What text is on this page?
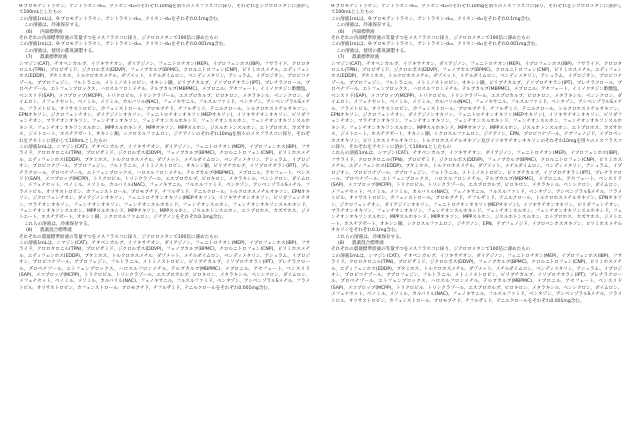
9-プロモアントラセン、アントラセン-d₁₀、クリセン-d₁₂のそれぞれ10mgを別々のメスフラスコに採り、それぞれをジクロロメタンに溶かして100mLとしたもの

この溶液1mLは、9-ブロモアントラセン、アントラセン-d₁₀、クリセン-d₁₂をそれぞれ0.1mg含む。

この溶液は、冷凍保存する。

(6) 内部標準液

それぞれの内部標準原液の等量ずつをメスフラスコに採り、ジクロロメタンで100倍に薄めたもの

この溶液1mLは、9-ブロモアントラセン、アントラセン-d₁₀、クリセン-d₁₂をそれぞれ0.001mg含む。

この溶液は、使用の都度調製する。

(7) 農薬標準原液

シマジン(CAT)、チオベンカルブ、イソキサチオン、ダイアジノン、フェニトロチオン(MEP)、イプロフェンホス(IBP)、フサライド、クロロタロニル(TPN)、プロピザミド、ジクロルボス(DDVP)、フェノブカルブ(BPMC)、クロルニトロフェン(CNP)、ピリミホスメチル、エディフェンホス(EDDP)、ブタミホス、トルクロホスメチル、ダゾメット、メチルダイムロン、ペンディメタリン、アシュラム、イプロジオン、プロピコナゾール、ブプロフェジン、フルトラニル、メトミノストロビン、オキシン銅、ピリブチカルブ、イソプロチオラン(IPT)、プレチラクロール、プロベナゾール、エトフェンプロックス、ハロスルフロンメチル、テルブカルブ(MBPMC)、メプロニル、アセフェート、イミノクタジン酢酸塩、ベンスリド(SAP)、メコプロップ(MCPP)、トリクロピル、トリシクラゾール、エスプロカルブ、ピロキロン、メタラキシル、ペンシクロン、ダイムロン、メフェナセット、ベノミル、メソミル、カルバリル(NAC)、フェノキサニル、フルスルファミド、ベンタゾン、アシベンゾラルSメチル、フラメトピル、オリサストロビン、カフェンストロール、ブロモブチド、チフルザミド、テニルクロール、トルクロホスメチルオキソン、EPNオキソン、ジクロフェンチオン、ダイアジノンオキソン、フェニトロチオンオキソン(MEPオキソン)、イソキサチオンオキソン、ピリダフェンチオン、マラチオンオキソン、フェンチオンオキソン、フェンチオンスルホキシド、フェンチオンスルホン、フェンチオンオキソンスルホキシド、フェンチオンオキソンスルホン、MPPスルホキシド、MPPオキソン、MPPスルホン、ジスルホトンスルホン、エトプロホス、カズサホス、ジメトエート、ホスチアゼート、オキシン銅、シクロスルファムロン、ジチアノンのそれぞれ10mgを別々のメスフラスコに採り、それぞれをアセトンに溶かして100mLとしたもの

この溶液1mLは、シマジン(CAT)、チオベンカルブ、イソキサチオン、ダイアジノン、フェニトロチオン(MEP)、イプロフェンホス(IBP)、フサライド、クロロタロニル(TPN)、プロピザミド、ジクロルボス(DDVP)、フェノブカルブ(BPMC)、クロルニトロフェン(CNP)、ピリミホスメチル、エディフェンホス(EDDP)、ブタミホス、トルクロホスメチル、ダゾメット、メチルダイムロン、ペンディメタリン、アシュラム、イプロジオン、プロピコナゾール、ブプロフェジン、フルトラニル、メトミノストロビン、オキシン銅、ピリブチカルブ、イソプロチオラン(IPT)、プレチラクロール、プロベナゾール、エトフェンプロックス、ハロスルフロンメチル、テルブカルブ(MBPMC)、メプロニル、アセフェート、ベンスリド(SAP)、メコプロップ(MCPP)、トリクロピル、トリシクラゾール、エスプロカルブ、ピロキロン、メタラキシル、ペンシクロン、ダイムロン、メフェナセット、ベノミル、メソミル、カルバリル(NAC)、フェノキサニル、フルスルファミド、ベンタゾン、アシベンゾラルSメチル、フラメトピル、オリサストロビン、カフェンストロール、ブロモブチド、チフルザミド、テニルクロール、トルクロホスメチルオキソン、EPNオキソン、ジクロフェンチオン、ダイアジノンオキソン、フェニトロチオンオキソン(MEPオキソン)、イソキサチオンオキソン、ピリダフェンチオン、マラチオンオキソン、フェンチオンオキソン、フェンチオンスルホキシド、フェンチオンスルホン、フェンチオンオキソンスルホキシド、フェンチオンオキソンスルホン、MPPスルホキシド、MPPオキソン、MPPスルホン、ジスルホトンスルホン、エトプロホス、カズサホス、ジメトエート、ホスチアゼート、オキシン銅、シクロスルファムロン、ジチアノンをそれぞれ0.1mg含む。

これらの溶液は、冷凍保存する。

(8) 農薬混合標準液

それぞれの農薬標準原液の等量ずつをメスフラスコに採り、ジクロロメタンで100倍に薄めたもの

この溶液1mLは、シマジン(CAT)、チオベンカルブ、イソキサチオン、ダイアジノン、フェニトロチオン(MEP)、イプロフェンホス(IBP)、フサライド、クロロタロニル(TPN)、プロピザミド、ジクロルボス(DDVP)、フェノブカルブ(BPMC)、クロルニトロフェン(CNP)、ピリミホスメチル、エディフェンホス(EDDP)、ブタミホス、トルクロホスメチル、ダゾメット、メチルダイムロン、ペンディメタリン、アシュラム、イプロジオン、プロピコナゾール、ブプロフェジン、フルトラニル、メトミノストロビン、ピリブチカルブ、イソプロチオラン(IPT)、プレチラクロール、プロベナゾール、エトフェンプロックス、ハロスルフロンメチル、テルブカルブ(MBPMC)、メプロニル、アセフェート、ベンスリド(SAP)、メコプロップ(MCPP)、トリクロピル、トリシクラゾール、エスプロカルブ、ピロキロン、メタラキシル、ペンシクロン、ダイムロン、メフェナセット、ベノミル、メソミル、カルバリル(NAC)、フェノキサニル、フルスルファミド、ベンタゾン、アシベンゾラルSメチル、フラメトピル、オリサストロビン、カフェンストロール、ブロモブチド、チフルザミド、テニルクロールをそれぞれ0.001mg含む。

9-ブロモアントラセン、アントラセン-d₁₀、クリセン-d₁₂のそれぞれ10mgを別々のメスフラスコに採り、それぞれをジクロロメタンに溶かして100mLとしたもの

この溶液1mLは、9-ブロモアントラセン、アントラセン-d₁₀、クリセン-d₁₂をそれぞれ0.1mg含む。

この溶液は、冷凍保存する。

(6) 内部標準液

それぞれの内部標準原液の等量ずつをメスフラスコに採り、ジクロロメタンで100倍に薄めたもの

この溶液1mLは、9-ブロモアントラセン、アントラセン-d₁₀、クリセン-d₁₂をそれぞれ0.001mg含む。

この溶液は、使用の都度調製する。

(7) 農薬標準原液

シマジン(CAT)、チオベンカルブ、イソキサチオン、ダイアジノン、フェニトロチオン(MEP)、イプロフェンホス(IBP)、フサライド、クロロタロニル(TPN)、プロピザミド、ジクロルボス(DDVP)、フェノブカルブ(BPMC)、クロルニトロフェン(CNP)、ピリミホスメチル、エディフェンホス(EDDP)、ブタミホス、トルクロホスメチル、ダゾメット、メチルダイムロン、ペンディメタリン、アシュラム、イプロジオン、プロピコナゾール、ブプロフェジン、フルトラニル、メトミノストロビン、オキシン銅、ピリブチカルブ、イソプロチオラン(IPT)、プレチラクロール、プロベナゾール、エトフェンプロックス、ハロスルフロンメチル、テルブカルブ(MBPMC)、メプロニル、アセフェート、イミノクタジン酢酸塩、ベンスリド(SAP)、メコプロップ(MCPP)、トリクロピル、トリシクラゾール、エスプロカルブ、ピロキロン、メタラキシル、ペンシクロン、ダイムロン、メフェナセット、ベノミル、メソミル、カルバリル(NAC)、フェノキサニル、フルスルファミド、ベンタゾン、アシベンゾラルSメチル、フラメトピル、オリサストロビン、カフェンストロール、ブロモブチド、チフルザミド、テニルクロール、トルクロホスメチルオキソン、EPNオキソン、ジクロフェンチオン、ダイアジノンオキソン、フェニトロチオンオキソン(MEPオキソン)、イソキサチオンオキソン、ピリダフェンチオン、マラチオンオキソン、フェンチオンオキソン、フェンチオンスルホキシド、フェンチオンスルホン、フェンチオンオキソンスルホキシド、フェンチオンオキソンスルホン、MPPスルホキシド、MPPオキソン、MPPスルホン、ジスルホトンスルホン、エトプロホス、カズサホス、ジメトエート、ホスチアゼート、オキシン銅、シクロスルファムロン、ジチアノン、EPN、プロピコナゾール、テブフェノジド、イプロベンホスオキソン、ピリミホスメチルオキソン、トルクロホスメチルオキソン及びイソキサチオンオキソンのそれぞれ10mgを別々のメスフラスコに採り、それぞれをアセトンに溶かして100mLとしたもの

これらの溶液1mLは、シマジン(CAT)、チオベンカルブ、イソキサチオン、ダイアジノン、フェニトロチオン(MEP)、イプロフェンホス(IBP)、フサライド、クロロタロニル(TPN)、プロピザミド、ジクロルボス(DDVP)、フェノブカルブ(BPMC)、クロルニトロフェン(CNP)、ピリミホスメチル、エディフェンホス(EDDP)、ブタミホス、トルクロホスメチル、ダゾメット、メチルダイムロン、ペンディメタリン、アシュラム、イプロジオン、プロピコナゾール、ブプロフェジン、フルトラニル、メトミノストロビン、ピリブチカルブ、イソプロチオラン(IPT)、プレチラクロール、プロベナゾール、エトフェンプロックス、ハロスルフロンメチル、テルブカルブ(MBPMC)、メプロニル、アセフェート、ベンスリド(SAP)、メコプロップ(MCPP)、トリクロピル、トリシクラゾール、エスプロカルブ、ピロキロン、メタラキシル、ペンシクロン、ダイムロン、メフェナセット、ベノミル、メソミル、カルバリル(NAC)、フェノキサニル、フルスルファミド、ベンタゾン、アシベンゾラルSメチル、フラメトピル、オリサストロビン、カフェンストロール、ブロモブチド、チフルザミド、テニルクロール、トルクロホスメチルオキソン、EPNオキソン、ジクロフェンチオン、ダイアジノンオキソン、フェニトロチオンオキソン(MEPオキソン)、イソキサチオンオキソン、ピリダフェンチオン、マラチオンオキソン、フェンチオンオキソン、フェンチオンスルホキシド、フェンチオンスルホン、フェンチオンオキソンスルホキシド、フェンチオンオキソンスルホン、MPPスルホキシド、MPPオキソン、MPPスルホン、ジスルホトンスルホン、エトプロホス、カズサホス、ジメトエート、ホスチアゼート、オキシン銅、シクロスルファムロン、ジチアノン、EPN、テブフェノジド、イプロベンホスオキソン、ピリミホスメチルオキソンをそれぞれ0.1mg含む。

これらの溶液は、冷凍保存する。

(8) 農薬混合標準液

それぞれの農薬標準原液の等量ずつをメスフラスコに採り、ジクロロメタンで100倍に薄めたもの

この溶液1mLは、シマジン(CAT)、チオベンカルブ、イソキサチオン、ダイアジノン、フェニトロチオン(MEP)、イプロフェンホス(IBP)、フサライド、クロロタロニル(TPN)、プロピザミド、ジクロルボス(DDVP)、フェノブカルブ(BPMC)、クロルニトロフェン(CNP)、ピリミホスメチル、エディフェンホス(EDDP)、ブタミホス、トルクロホスメチル、ダゾメット、メチルダイムロン、ペンディメタリン、アシュラム、イプロジオン、プロピコナゾール、ブプロフェジン、フルトラニル、メトミノストロビン、ピリブチカルブ、イソプロチオラン(IPT)、プレチラクロール、プロベナゾール、エトフェンプロックス、ハロスルフロンメチル、テルブカルブ(MBPMC)、メプロニル、アセフェート、ベンスリド(SAP)、メコプロップ(MCPP)、トリクロピル、トリシクラゾール、エスプロカルブ、ピロキロン、メタラキシル、ペンシクロン、ダイムロン、メフェナセット、ベノミル、メソミル、カルバリル(NAC)、フェノキサニル、フルスルファミド、ベンタゾン、アシベンゾラルSメチル、フラメトピル、オリサストロビン、カフェンストロール、ブロモブチド、チフルザミド、テニルクロールをそれぞれ0.001mg含む。
